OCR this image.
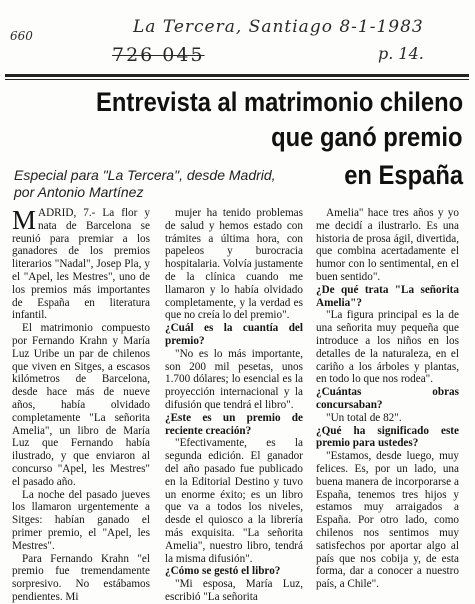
660	La Tercera, Santiago 8-1-1983
726 045	p. 14.
Entrevista al matrimonio chileno
que ganó premio
en España
Especial para "La Tercera", desde Madrid,
por Antonio Martínez

MADRID, 7.- La flor y nata de Barcelona se reunió para premiar a los ganadores de los premios literarios "Nadal", Josep Pla, y el "Apel, les Mestres", uno de los premios más importantes de España en literatura infantil.

El matrimonio compuesto por Fernando Krahn y María Luz Uribe un par de chilenos que viven en Sitges, a escasos kilómetros de Barcelona, desde hace más de nueve años, había olvidado completamente "La señorita Amelia", un libro de María Luz que Fernando había ilustrado, y que enviaron al concurso "Apel, les Mestres" el pasado año.

La noche del pasado jueves los llamaron urgentemente a Sitges: habían ganado el primer premio, el "Apel, les Mestres".

Para Fernando Krahn "el premio fue tremendamente sorpresivo. No estábamos pendientes. Mi

mujer ha tenido problemas de salud y hemos estado con trámites a última hora, con papeleos y burocracia hospitalaria. Volvía justamente de la clínica cuando me llamaron y lo había olvidado completamente, y la verdad es que no creía lo del premio".

¿Cuál es la cuantía del premio?

"No es lo más importante, son 200 mil pesetas, unos 1.700 dólares; lo esencial es la proyección internacional y la difusión que tendrá el libro".

¿Este es un premio de reciente creación?

"Efectivamente, es la segunda edición. El ganador del año pasado fue publicado en la Editorial Destino y tuvo un enorme éxito; es un libro que va a todos los niveles, desde el quiosco a la librería más exquisita. "La señorita Amelia", nuestro libro, tendrá la misma difusión".

¿Cómo se gestó el libro?

"Mi esposa, María Luz, escribió "La señorita

Amelia" hace tres años y yo me decidí a ilustrarlo. Es una historia de prosa ágil, divertida, que combina acertadamente el humor con lo sentimental, en el buen sentido".

¿De qué trata "La señorita Amelia"?

"La figura principal es la de una señorita muy pequeña que introduce a los niños en los detalles de la naturaleza, en el cariño a los árboles y plantas, en todo lo que nos rodea".

¿Cuántas obras concursaban?

"Un total de 82".

¿Qué ha significado este premio para ustedes?

"Estamos, desde luego, muy felices. Es, por un lado, una buena manera de incorporarse a España, tenemos tres hijos y estamos muy arraigados a España. Por otro lado, como chilenos nos sentimos muy satisfechos por aportar algo al país que nos cobija y, de esta forma, dar a conocer a nuestro país, a Chile".
